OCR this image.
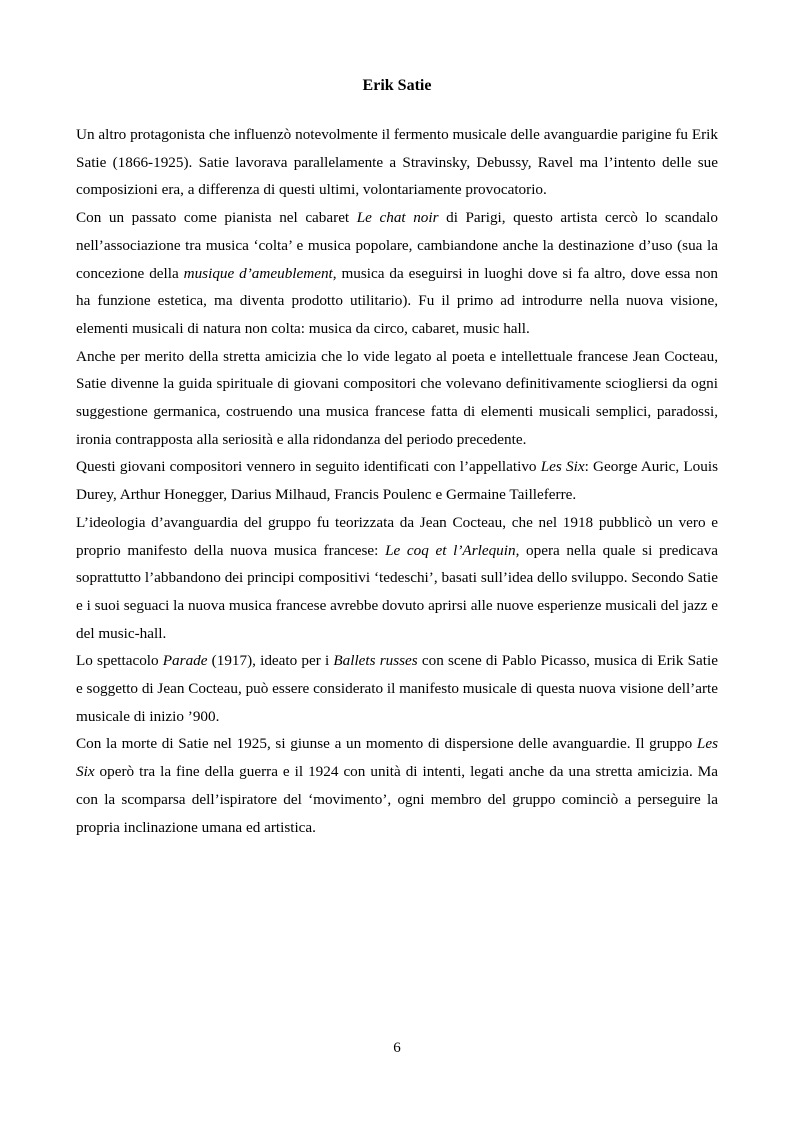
Erik Satie

Un altro protagonista che influenzò notevolmente il fermento musicale delle avanguardie parigine fu Erik Satie (1866-1925). Satie lavorava parallelamente a Stravinsky, Debussy, Ravel ma l’intento delle sue composizioni era, a differenza di questi ultimi, volontariamente provocatorio.

Con un passato come pianista nel cabaret Le chat noir di Parigi, questo artista cercò lo scandalo nell’associazione tra musica ‘colta’ e musica popolare, cambiandone anche la destinazione d’uso (sua la concezione della musique d’ameublement, musica da eseguirsi in luoghi dove si fa altro, dove essa non ha funzione estetica, ma diventa prodotto utilitario). Fu il primo ad introdurre nella nuova visione, elementi musicali di natura non colta: musica da circo, cabaret, music hall.

Anche per merito della stretta amicizia che lo vide legato al poeta e intellettuale francese Jean Cocteau, Satie divenne la guida spirituale di giovani compositori che volevano definitivamente sciogliersi da ogni suggestione germanica, costruendo una musica francese fatta di elementi musicali semplici, paradossi, ironia contrapposta alla seriosità e alla ridondanza del periodo precedente.

Questi giovani compositori vennero in seguito identificati con l’appellativo Les Six: George Auric, Louis Durey, Arthur Honegger, Darius Milhaud, Francis Poulenc e Germaine Tailleferre.

L’ideologia d’avanguardia del gruppo fu teorizzata da Jean Cocteau, che nel 1918 pubblicò un vero e proprio manifesto della nuova musica francese: Le coq et l’Arlequin, opera nella quale si predicava soprattutto l’abbandono dei principi compositivi ‘tedeschi’, basati sull’idea dello sviluppo. Secondo Satie e i suoi seguaci la nuova musica francese avrebbe dovuto aprirsi alle nuove esperienze musicali del jazz e del music-hall.

Lo spettacolo Parade (1917), ideato per i Ballets russes con scene di Pablo Picasso, musica di Erik Satie e soggetto di Jean Cocteau, può essere considerato il manifesto musicale di questa nuova visione dell’arte musicale di inizio ’900.

Con la morte di Satie nel 1925, si giunse a un momento di dispersione delle avanguardie. Il gruppo Les Six operò tra la fine della guerra e il 1924 con unità di intenti, legati anche da una stretta amicizia. Ma con la scomparsa dell’ispiratore del ‘movimento’, ogni membro del gruppo cominciò a perseguire la propria inclinazione umana ed artistica.

6
